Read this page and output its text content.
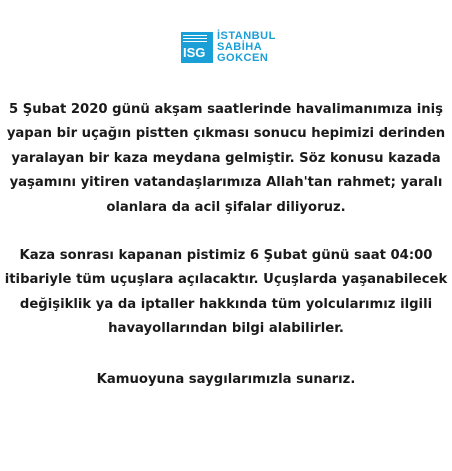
ISG
İSTANBUL
SABİHA
GOKCEN

5 Şubat 2020 günü akşam saatlerinde havalimanımıza iniş
yapan bir uçağın pistten çıkması sonucu hepimizi derinden
yaralayan bir kaza meydana gelmiştir. Söz konusu kazada
yaşamını yitiren vatandaşlarımıza Allah'tan rahmet; yaralı
olanlara da acil şifalar diliyoruz.

Kaza sonrası kapanan pistimiz 6 Şubat günü saat 04:00
itibariyle tüm uçuşlara açılacaktır. Uçuşlarda yaşanabilecek
değişiklik ya da iptaller hakkında tüm yolcularımız ilgili
havayollarından bilgi alabilirler.

Kamuoyuna saygılarımızla sunarız.
